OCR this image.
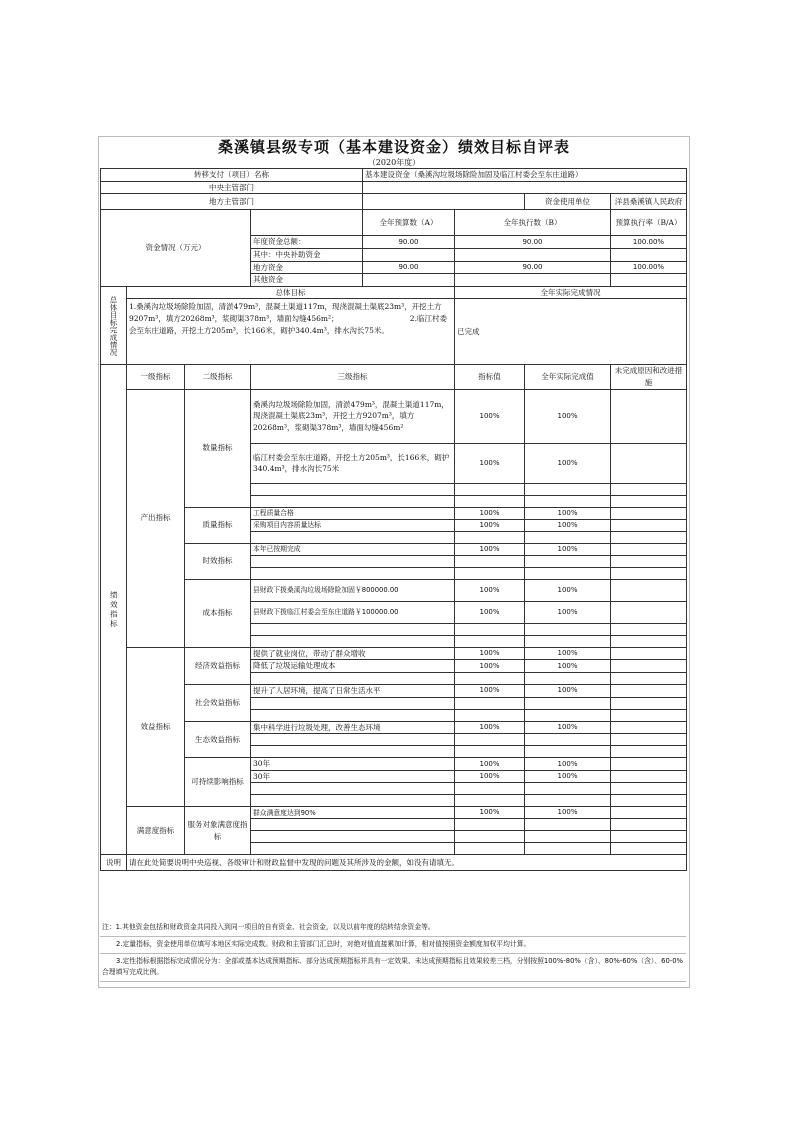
桑溪镇县级专项（基本建设资金）绩效目标自评表
（2020年度）
转移支付（项目）名称				基本建设资金（桑溪沟垃圾场除险加固及临江村委会至东庄道路）			
中央主管部门							
地方主管部门						资金使用单位	洋县桑溪镇人民政府
资金情况（万元）				全年预算数（A）	全年执行数（B）		预算执行率（B/A）
			年度资金总额：	90.00	90.00		100.00%
			其中：中央补助资金				
			地方资金	90.00	90.00		100.00%
			其他资金				

总体目标完成情况	总体目标				全年实际完成情况		
	1.桑溪沟垃圾场除险加固，清淤479m³，混凝土渠道117m，现浇混凝土渠底23m³，开挖土方9207m³，填方20268m³，浆砌渠378m³，墙面勾缝456m²；　　　　　　　　　　2.临江村委会至东庄道路，开挖土方205m³，长166米，砌护340.4m³，排水沟长75米。				已完成		

绩效指标	一级指标	二级指标	三级指标		指标值	全年实际完成值	未完成原因和改进措施
	产出指标	数量指标	桑溪沟垃圾场除险加固，清淤479m³，混凝土渠道117m，现浇混凝土渠底23m³，开挖土方9207m³，填方20268m³，浆砌渠378m³，墙面勾缝456m²		100%	100%	
			临江村委会至东庄道路，开挖土方205m³，长166米，砌护340.4m³，排水沟长75米		100%	100%	

		质量指标	工程质量合格		100%	100%	
			采购项目内容质量达标		100%	100%	

		时效指标	本年已按期完成		100%	100%	

		成本指标	县财政下拨桑溪沟垃圾场除险加固￥800000.00		100%	100%	
			县财政下拨临江村委会至东庄道路￥100000.00		100%	100%	

	效益指标	经济效益指标	提供了就业岗位，带动了群众增收		100%	100%	
			降低了垃圾运输处理成本		100%	100%	

		社会效益指标	提升了人居环境，提高了日常生活水平		100%	100%	

		生态效益指标	集中科学进行垃圾处理，改善生态环境		100%	100%	

		可持续影响指标	30年		100%	100%	
			30年		100%	100%	

	满意度指标	服务对象满意度指标	群众满意度达到90%		100%	100%	

说明	请在此处简要说明中央巡视、各级审计和财政监督中发现的问题及其所涉及的金额，如没有请填无。						
注：1.其他资金包括和财政资金共同投入到同一项目的自有资金、社会资金，以及以前年度的结转结余资金等。
2.定量指标，资金使用单位填写本地区实际完成数。财政和主管部门汇总时，对绝对值直接累加计算，相对值按照资金额度加权平均计算。
3.定性指标根据指标完成情况分为：全部或基本达成预期指标、部分达成预期指标并具有一定效果、未达成预期指标且效果较差三档，分别按照100%-80%（含）、80%-60%（含）、60-0%合理填写完成比例。
